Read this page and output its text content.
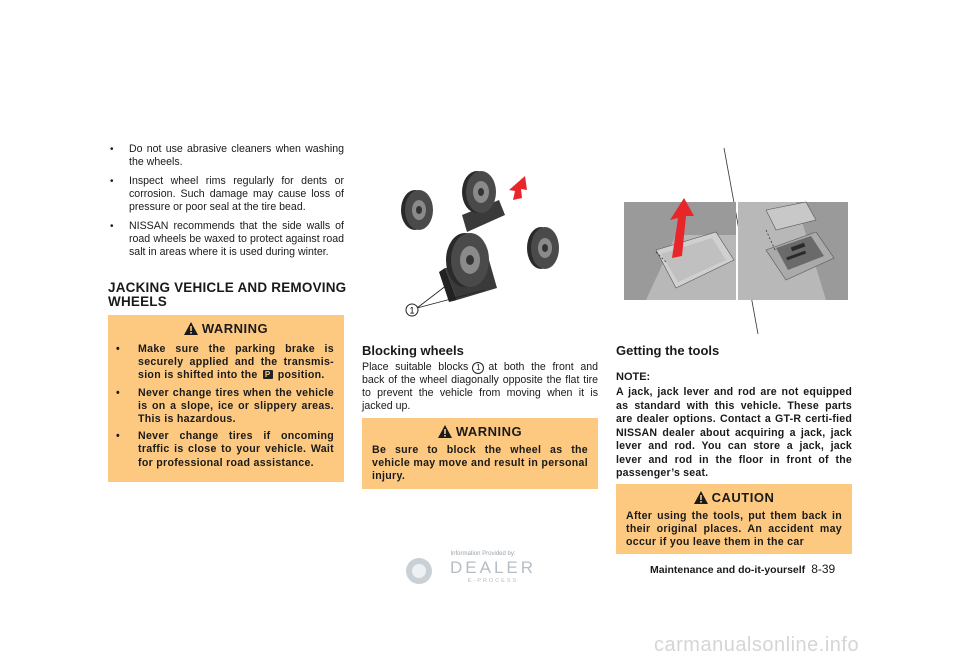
• Do not use abrasive cleaners when washing the wheels.
• Inspect wheel rims regularly for dents or corrosion. Such damage may cause loss of pressure or poor seal at the tire bead.
• NISSAN recommends that the side walls of road wheels be waxed to protect against road salt in areas where it is used during winter.
JACKING VEHICLE AND REMOVING WHEELS
WARNING
• Make sure the parking brake is securely applied and the transmis-sion is shifted into the P position.
• Never change tires when the vehicle is on a slope, ice or slippery areas. This is hazardous.
• Never change tires if oncoming traffic is close to your vehicle. Wait for professional road assistance.
1
Blocking wheels

Place suitable blocks 1 at both the front and back of the wheel diagonally opposite the flat tire to prevent the vehicle from moving when it is jacked up.

WARNING

Be sure to block the wheel as the vehicle may move and result in personal injury.

Getting the tools

NOTE:

A jack, jack lever and rod are not equipped as standard with this vehicle. These parts are dealer options. Contact a GT-R certi-fied NISSAN dealer about acquiring a jack, jack lever and rod. You can store a jack, jack lever and rod in the floor in front of the passenger’s seat.

CAUTION

After using the tools, put them back in their original places. An accident may occur if you leave them in the car

Information Provided by:
DEALER
E-PROCESS
Maintenance and do-it-yourself 8-39
carmanualsonline.info
